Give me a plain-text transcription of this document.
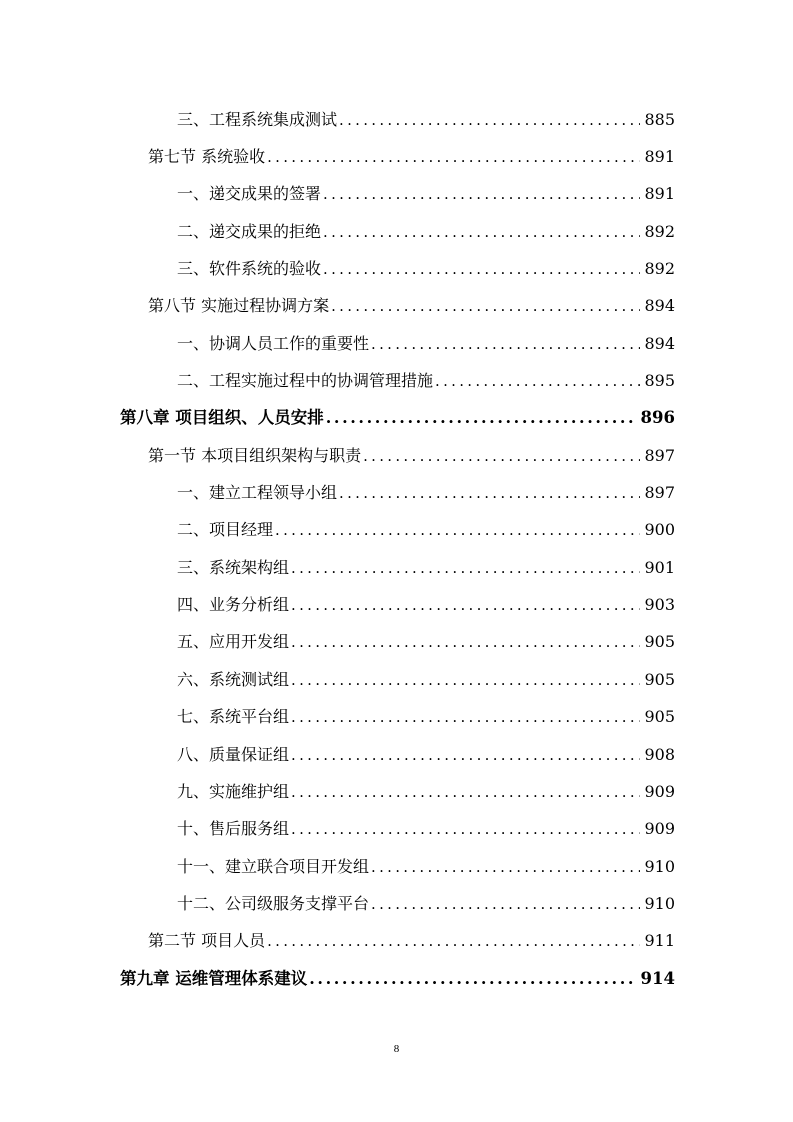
三、工程系统集成测试 .....	885
第七节 系统验收 .....	891
一、递交成果的签署 .....	891
二、递交成果的拒绝 .....	892
三、软件系统的验收 .....	892
第八节 实施过程协调方案 .....	894
一、协调人员工作的重要性 .....	894
二、工程实施过程中的协调管理措施 .....	895
第八章 项目组织、人员安排 .....	896
第一节 本项目组织架构与职责 .....	897
一、建立工程领导小组 .....	897
二、项目经理 .....	900
三、系统架构组 .....	901
四、业务分析组 .....	903
五、应用开发组 .....	905
六、系统测试组 .....	905
七、系统平台组 .....	905
八、质量保证组 .....	908
九、实施维护组 .....	909
十、售后服务组 .....	909
十一、建立联合项目开发组 .....	910
十二、公司级服务支撑平台 .....	910
第二节 项目人员 .....	911
第九章 运维管理体系建议 .....	914
8
